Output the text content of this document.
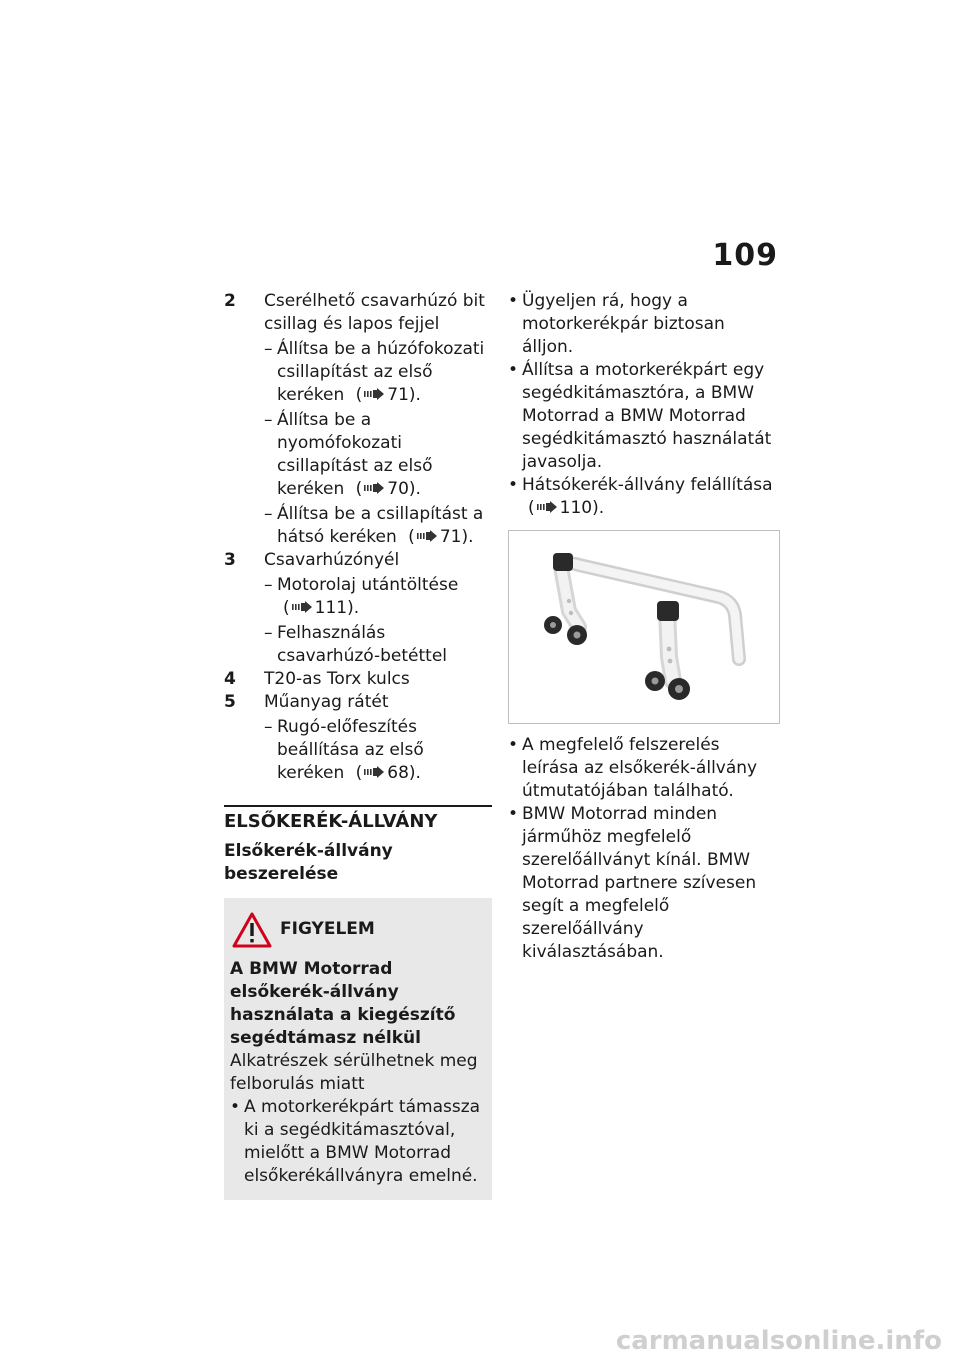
109
2 Cserélhető csavarhúzó bit csillag és lapos fejjel
– Állítsa be a húzófokozati csillapítást az első keréken ( 71).
– Állítsa be a nyomófokozati csillapítást az első keréken ( 70).
– Állítsa be a csillapítást a hátsó keréken ( 71).
3 Csavarhúzónyél
– Motorolaj utántöltése ( 111).
– Felhasználás csavarhúzó-betéttel
4 T20-as Torx kulcs
5 Műanyag rátét
– Rugó-előfeszítés beállítása az első keréken ( 68).
ELSŐKERÉK-ÁLLVÁNY
Elsőkerék-állvány beszerelése
FIGYELEM
A BMW Motorrad elsőkerék-állvány használata a kiegészítő segédtámasz nélkül
Alkatrészek sérülhetnek meg felborulás miatt
• A motorkerékpárt támassza ki a segédkitámasztóval, mielőtt a BMW Motorrad elsőkerékállványra emelné.
• Ügyeljen rá, hogy a motorkerékpár biztosan álljon.
• Állítsa a motorkerékpárt egy segédkitámasztóra, a BMW Motorrad a BMW Motorrad segédkitámasztó használatát javasolja.
• Hátsókerék-állvány felállítása ( 110).
• A megfelelő felszerelés leírása az elsőkerék-állvány útmutatójában található.
• BMW Motorrad minden járműhöz megfelelő szerelőállványt kínál. BMW Motorrad partnere szívesen segít a megfelelő szerelőállvány kiválasztásában.
carmanualsonline.info
